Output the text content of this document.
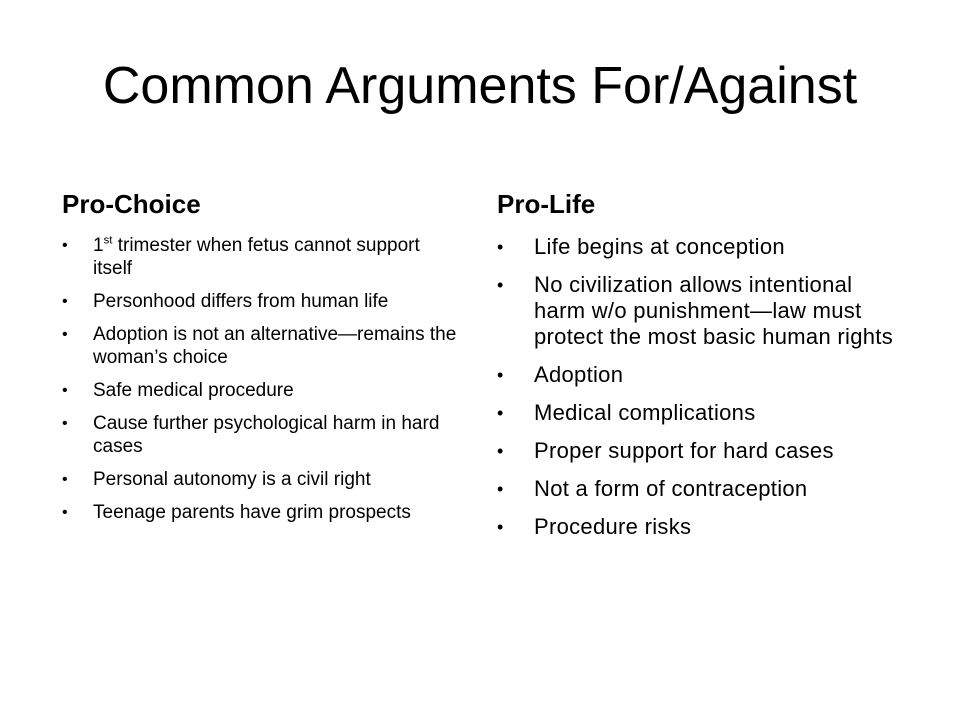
Common Arguments For/Against
Pro-Choice	Pro-Life
• 1st trimester when fetus cannot support itself
• Personhood differs from human life
• Adoption is not an alternative—remains the woman’s choice
• Safe medical procedure
• Cause further psychological harm in hard cases
• Personal autonomy is a civil right
• Teenage parents have grim prospects
• Life begins at conception
• No civilization allows intentional harm w/o punishment—law must protect the most basic human rights
• Adoption
• Medical complications
• Proper support for hard cases
• Not a form of contraception
• Procedure risks
